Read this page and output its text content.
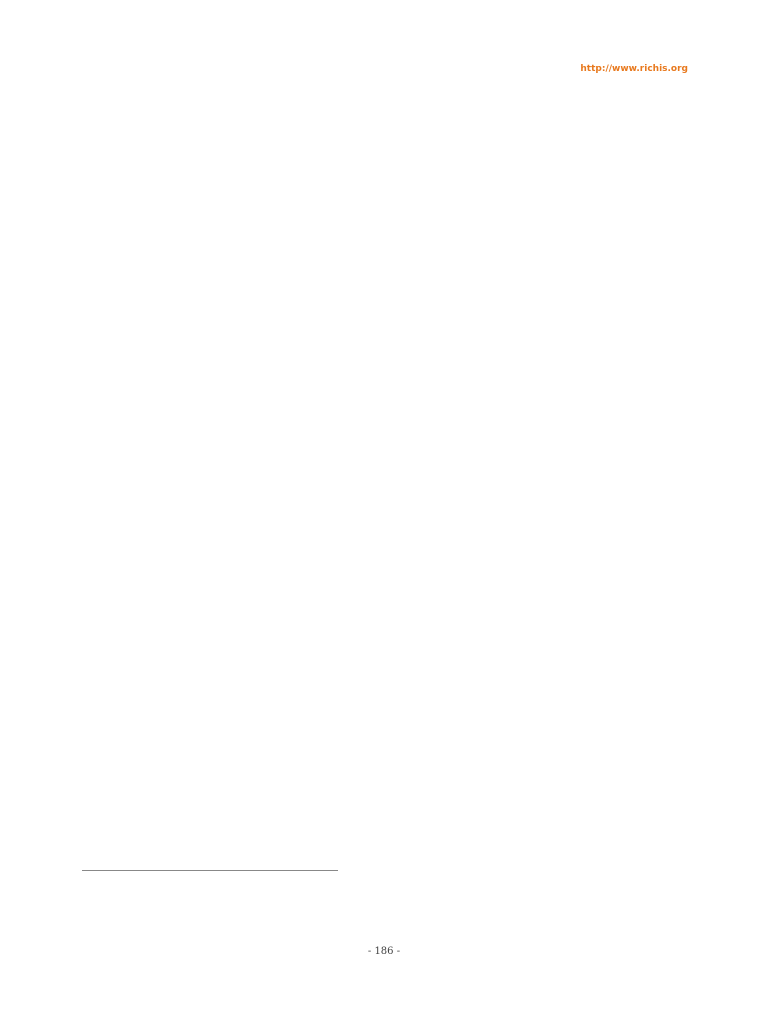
http://www.richis.org

- 186 -
